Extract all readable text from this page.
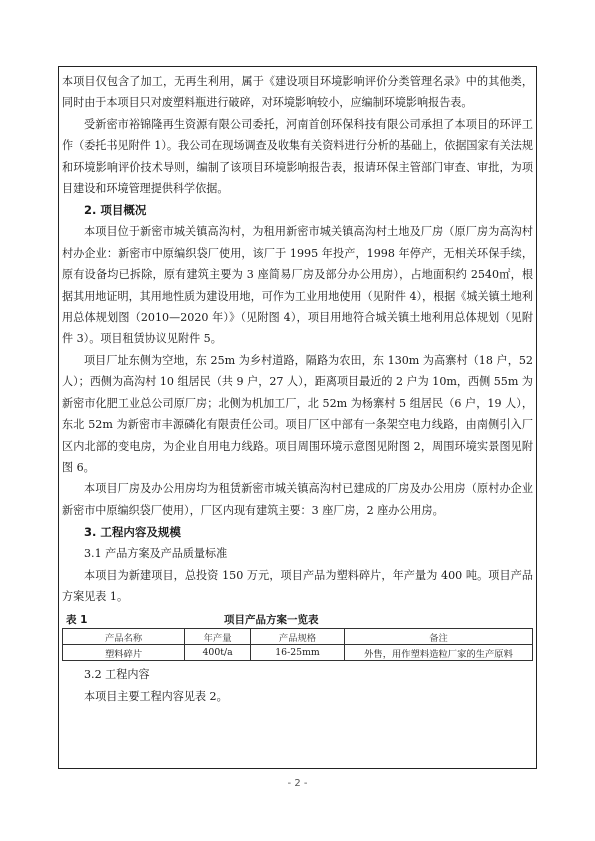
本项目仅包含了加工，无再生利用，属于《建设项目环境影响评价分类管理名录》中的其他类，同时由于本项目只对废塑料瓶进行破碎，对环境影响较小，应编制环境影响报告表。

受新密市裕锦隆再生资源有限公司委托，河南首创环保科技有限公司承担了本项目的环评工作（委托书见附件 1）。我公司在现场调查及收集有关资料进行分析的基础上，依据国家有关法规和环境影响评价技术导则，编制了该项目环境影响报告表，报请环保主管部门审查、审批，为项目建设和环境管理提供科学依据。

2. 项目概况

本项目位于新密市城关镇高沟村，为租用新密市城关镇高沟村土地及厂房（原厂房为高沟村村办企业：新密市中原编织袋厂使用，该厂于 1995 年投产，1998 年停产，无相关环保手续，原有设备均已拆除，原有建筑主要为 3 座简易厂房及部分办公用房），占地面积约 2540㎡，根据其用地证明，其用地性质为建设用地，可作为工业用地使用（见附件 4），根据《城关镇土地利用总体规划图（2010—2020 年）》（见附图 4），项目用地符合城关镇土地利用总体规划（见附件 3）。项目租赁协议见附件 5。

项目厂址东侧为空地，东 25m 为乡村道路，隔路为农田，东 130m 为高寨村（18 户，52 人）；西侧为高沟村 10 组居民（共 9 户，27 人），距离项目最近的 2 户为 10m，西侧 55m 为新密市化肥工业总公司原厂房；北侧为机加工厂，北 52m 为杨寨村 5 组居民（6 户，19 人），东北 52m 为新密市丰源磷化有限责任公司。项目厂区中部有一条架空电力线路，由南侧引入厂区内北部的变电房，为企业自用电力线路。项目周围环境示意图见附图 2，周围环境实景图见附图 6。

本项目厂房及办公用房均为租赁新密市城关镇高沟村已建成的厂房及办公用房（原村办企业新密市中原编织袋厂使用），厂区内现有建筑主要：3 座厂房，2 座办公用房。

3. 工程内容及规模

3.1 产品方案及产品质量标准

本项目为新建项目，总投资 150 万元，项目产品为塑料碎片，年产量为 400 吨。项目产品方案见表 1。

表 1	项目产品方案一览表
产品名称	年产量	产品规格	备注
塑料碎片	400t/a	16-25mm	外售，用作塑料造粒厂家的生产原料

3.2 工程内容

本项目主要工程内容见表 2。

- 2 -
